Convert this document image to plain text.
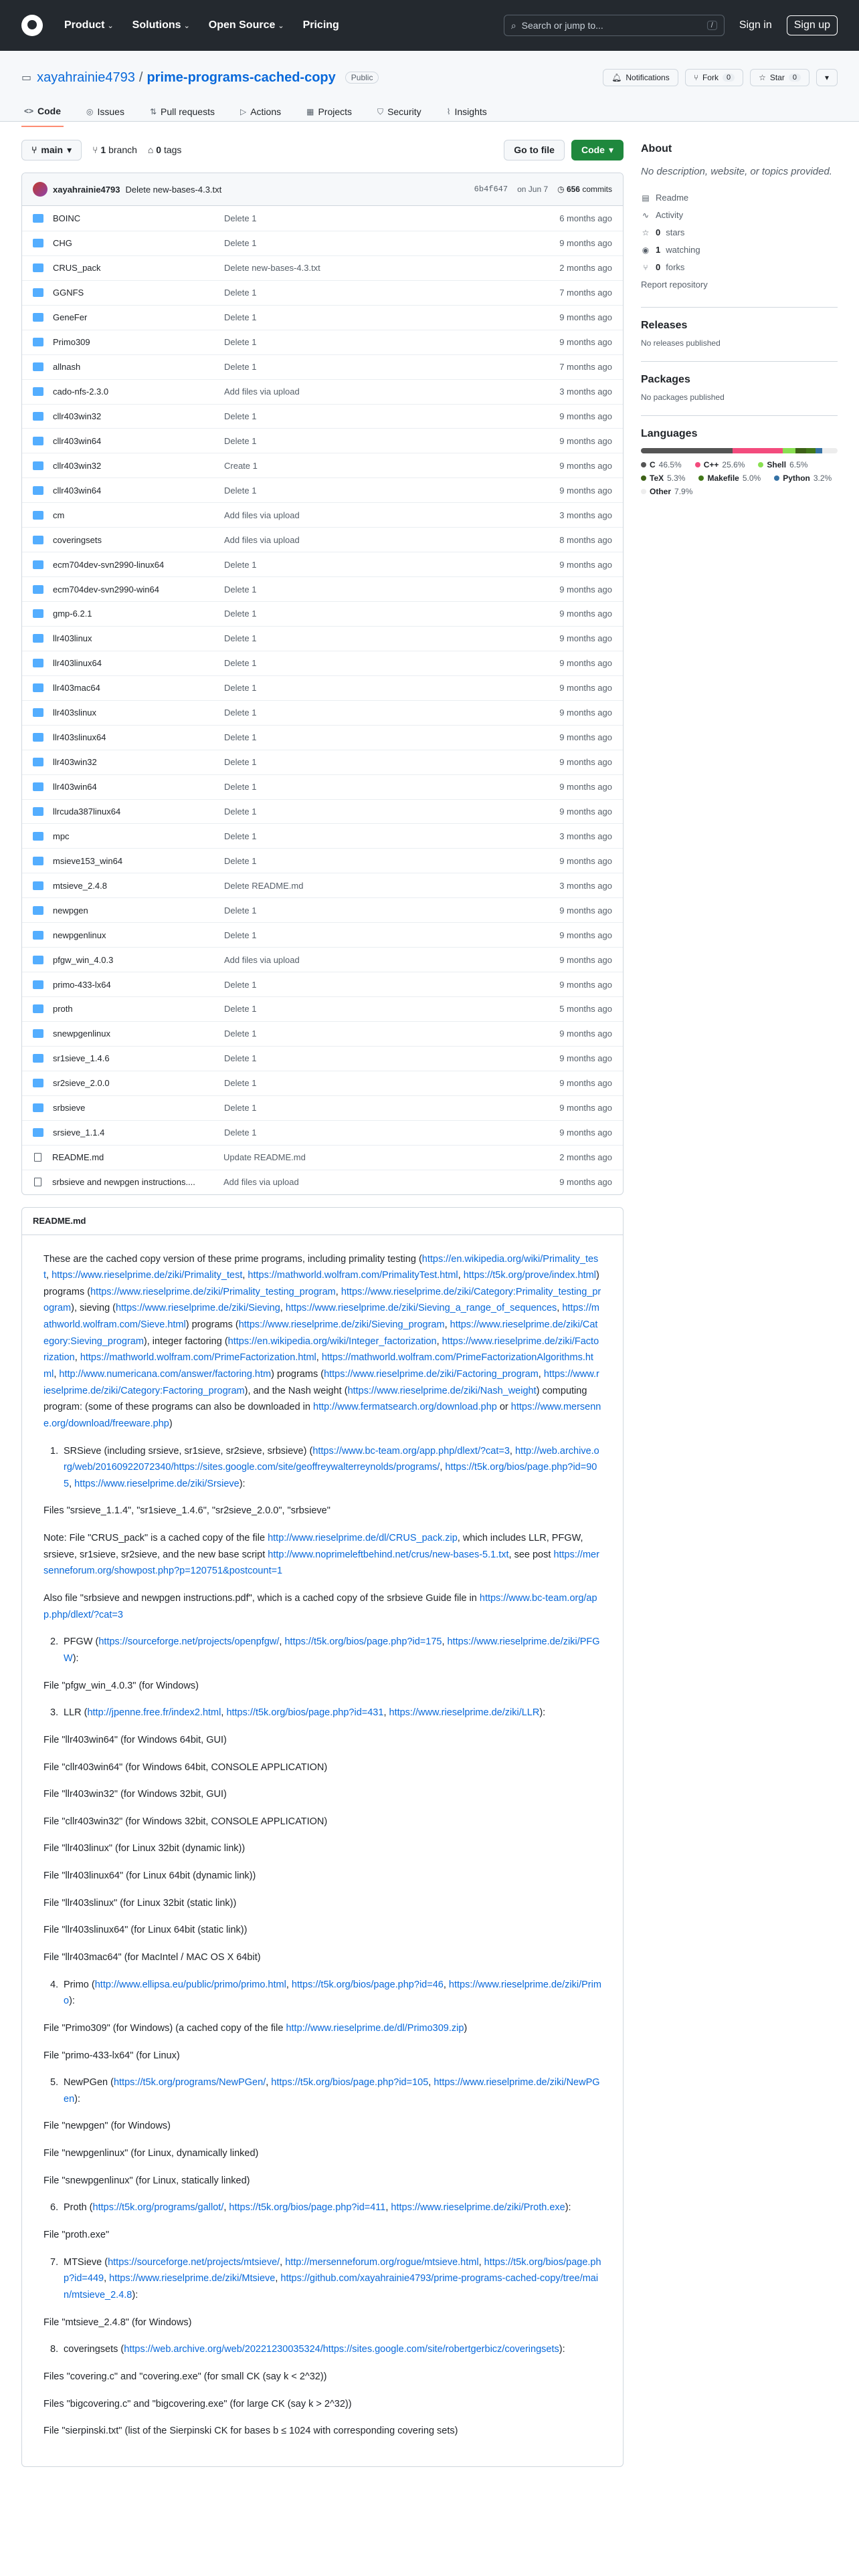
Product ⌄ Solutions ⌄ Open Source ⌄ Pricing	⌕ Search or jump to...	/	Sign in	Sign up
▭ xayahrainie4793 / prime-programs-cached-copy	Public	🔔︎ Notifications	⑂ Fork	0	☆ Star	0	▾
<> Code	◎ Issues	⇅ Pull requests	▷ Actions	▦ Projects	⛉ Security	⌇ Insights
⑂ main ▾ ⑂ 1 branch ⌂ 0 tags	Go to file	Code ▾
xayahrainie4793 Delete new-bases-4.3.txt	6b4f647 on Jun 7 ◷ 656 commits
BOINC	Delete 1	6 months ago
CHG	Delete 1	9 months ago
CRUS_pack	Delete new-bases-4.3.txt	2 months ago
GGNFS	Delete 1	7 months ago
GeneFer	Delete 1	9 months ago
Primo309	Delete 1	9 months ago
allnash	Delete 1	7 months ago
cado-nfs-2.3.0	Add files via upload	3 months ago
cllr403win32	Delete 1	9 months ago
cllr403win64	Delete 1	9 months ago
cllr403win32	Create 1	9 months ago
cllr403win64	Delete 1	9 months ago
cm	Add files via upload	3 months ago
coveringsets	Add files via upload	8 months ago
ecm704dev-svn2990-linux64	Delete 1	9 months ago
ecm704dev-svn2990-win64	Delete 1	9 months ago
gmp-6.2.1	Delete 1	9 months ago
llr403linux	Delete 1	9 months ago
llr403linux64	Delete 1	9 months ago
llr403mac64	Delete 1	9 months ago
llr403slinux	Delete 1	9 months ago
llr403slinux64	Delete 1	9 months ago
llr403win32	Delete 1	9 months ago
llr403win64	Delete 1	9 months ago
llrcuda387linux64	Delete 1	9 months ago
mpc	Delete 1	3 months ago
msieve153_win64	Delete 1	9 months ago
mtsieve_2.4.8	Delete README.md	3 months ago
newpgen	Delete 1	9 months ago
newpgenlinux	Delete 1	9 months ago
pfgw_win_4.0.3	Add files via upload	9 months ago
primo-433-lx64	Delete 1	9 months ago
proth	Delete 1	5 months ago
snewpgenlinux	Delete 1	9 months ago
sr1sieve_1.4.6	Delete 1	9 months ago
sr2sieve_2.0.0	Delete 1	9 months ago
srbsieve	Delete 1	9 months ago
srsieve_1.1.4	Delete 1	9 months ago
README.md	Update README.md	2 months ago
srbsieve and newpgen instructions....	Add files via upload	9 months ago
README.md
These are the cached copy version of these prime programs, including primality testing (https://en.wikipedia.org/wiki/Primality_test, https://www.rieselprime.de/ziki/Primality_test, https://mathworld.wolfram.com/PrimalityTest.html, https://t5k.org/prove/index.html) programs (https://www.rieselprime.de/ziki/Primality_testing_program, https://www.rieselprime.de/ziki/Category:Primality_testing_program), sieving (https://www.rieselprime.de/ziki/Sieving, https://www.rieselprime.de/ziki/Sieving_a_range_of_sequences, https://mathworld.wolfram.com/Sieve.html) programs (https://www.rieselprime.de/ziki/Sieving_program, https://www.rieselprime.de/ziki/Category:Sieving_program), integer factoring (https://en.wikipedia.org/wiki/Integer_factorization, https://www.rieselprime.de/ziki/Factorization, https://mathworld.wolfram.com/PrimeFactorization.html, https://mathworld.wolfram.com/PrimeFactorizationAlgorithms.html, http://www.numericana.com/answer/factoring.htm) programs (https://www.rieselprime.de/ziki/Factoring_program, https://www.rieselprime.de/ziki/Category:Factoring_program), and the Nash weight (https://www.rieselprime.de/ziki/Nash_weight) computing program: (some of these programs can also be downloaded in http://www.fermatsearch.org/download.php or https://www.mersenne.org/download/freeware.php)
1. SRSieve (including srsieve, sr1sieve, sr2sieve, srbsieve) (https://www.bc-team.org/app.php/dlext/?cat=3, http://web.archive.org/web/20160922072340/https://sites.google.com/site/geoffreywalterreynolds/programs/, https://t5k.org/bios/page.php?id=905, https://www.rieselprime.de/ziki/Srsieve):
Files "srsieve_1.1.4", "sr1sieve_1.4.6", "sr2sieve_2.0.0", "srbsieve"
Note: File "CRUS_pack" is a cached copy of the file http://www.rieselprime.de/dl/CRUS_pack.zip, which includes LLR, PFGW, srsieve, sr1sieve, sr2sieve, and the new base script http://www.noprimeleftbehind.net/crus/new-bases-5.1.txt, see post https://mersenneforum.org/showpost.php?p=120751&postcount=1
Also file "srbsieve and newpgen instructions.pdf", which is a cached copy of the srbsieve Guide file in https://www.bc-team.org/app.php/dlext/?cat=3
2. PFGW (https://sourceforge.net/projects/openpfgw/, https://t5k.org/bios/page.php?id=175, https://www.rieselprime.de/ziki/PFGW):
File "pfgw_win_4.0.3" (for Windows)
3. LLR (http://jpenne.free.fr/index2.html, https://t5k.org/bios/page.php?id=431, https://www.rieselprime.de/ziki/LLR):
File "llr403win64" (for Windows 64bit, GUI)
File "cllr403win64" (for Windows 64bit, CONSOLE APPLICATION)
File "llr403win32" (for Windows 32bit, GUI)
File "cllr403win32" (for Windows 32bit, CONSOLE APPLICATION)
File "llr403linux" (for Linux 32bit (dynamic link))
File "llr403linux64" (for Linux 64bit (dynamic link))
File "llr403slinux" (for Linux 32bit (static link))
File "llr403slinux64" (for Linux 64bit (static link))
File "llr403mac64" (for MacIntel / MAC OS X 64bit)
4. Primo (http://www.ellipsa.eu/public/primo/primo.html, https://t5k.org/bios/page.php?id=46, https://www.rieselprime.de/ziki/Primo):
File "Primo309" (for Windows) (a cached copy of the file http://www.rieselprime.de/dl/Primo309.zip)
File "primo-433-lx64" (for Linux)
5. NewPGen (https://t5k.org/programs/NewPGen/, https://t5k.org/bios/page.php?id=105, https://www.rieselprime.de/ziki/NewPGen):
File "newpgen" (for Windows)
File "newpgenlinux" (for Linux, dynamically linked)
File "snewpgenlinux" (for Linux, statically linked)
6. Proth (https://t5k.org/programs/gallot/, https://t5k.org/bios/page.php?id=411, https://www.rieselprime.de/ziki/Proth.exe):
File "proth.exe"
7. MTSieve (https://sourceforge.net/projects/mtsieve/, http://mersenneforum.org/rogue/mtsieve.html, https://t5k.org/bios/page.php?id=449, https://www.rieselprime.de/ziki/Mtsieve, https://github.com/xayahrainie4793/prime-programs-cached-copy/tree/main/mtsieve_2.4.8):
File "mtsieve_2.4.8" (for Windows)
8. coveringsets (https://web.archive.org/web/20221230035324/https://sites.google.com/site/robertgerbicz/coveringsets):
Files "covering.c" and "covering.exe" (for small CK (say k < 2^32))
Files "bigcovering.c" and "bigcovering.exe" (for large CK (say k > 2^32))
File "sierpinski.txt" (list of the Sierpinski CK for bases b ≤ 1024 with corresponding covering sets)
About
No description, website, or topics provided.
▤ Readme
∿ Activity
☆ 0 stars
◉ 1 watching
⑂ 0 forks
Report repository
Releases
No releases published
Packages
No packages published
Languages
C 46.5%	C++ 25.6%	Shell 6.5%
TeX 5.3%	Makefile 5.0%	Python 3.2%
Other 7.9%
